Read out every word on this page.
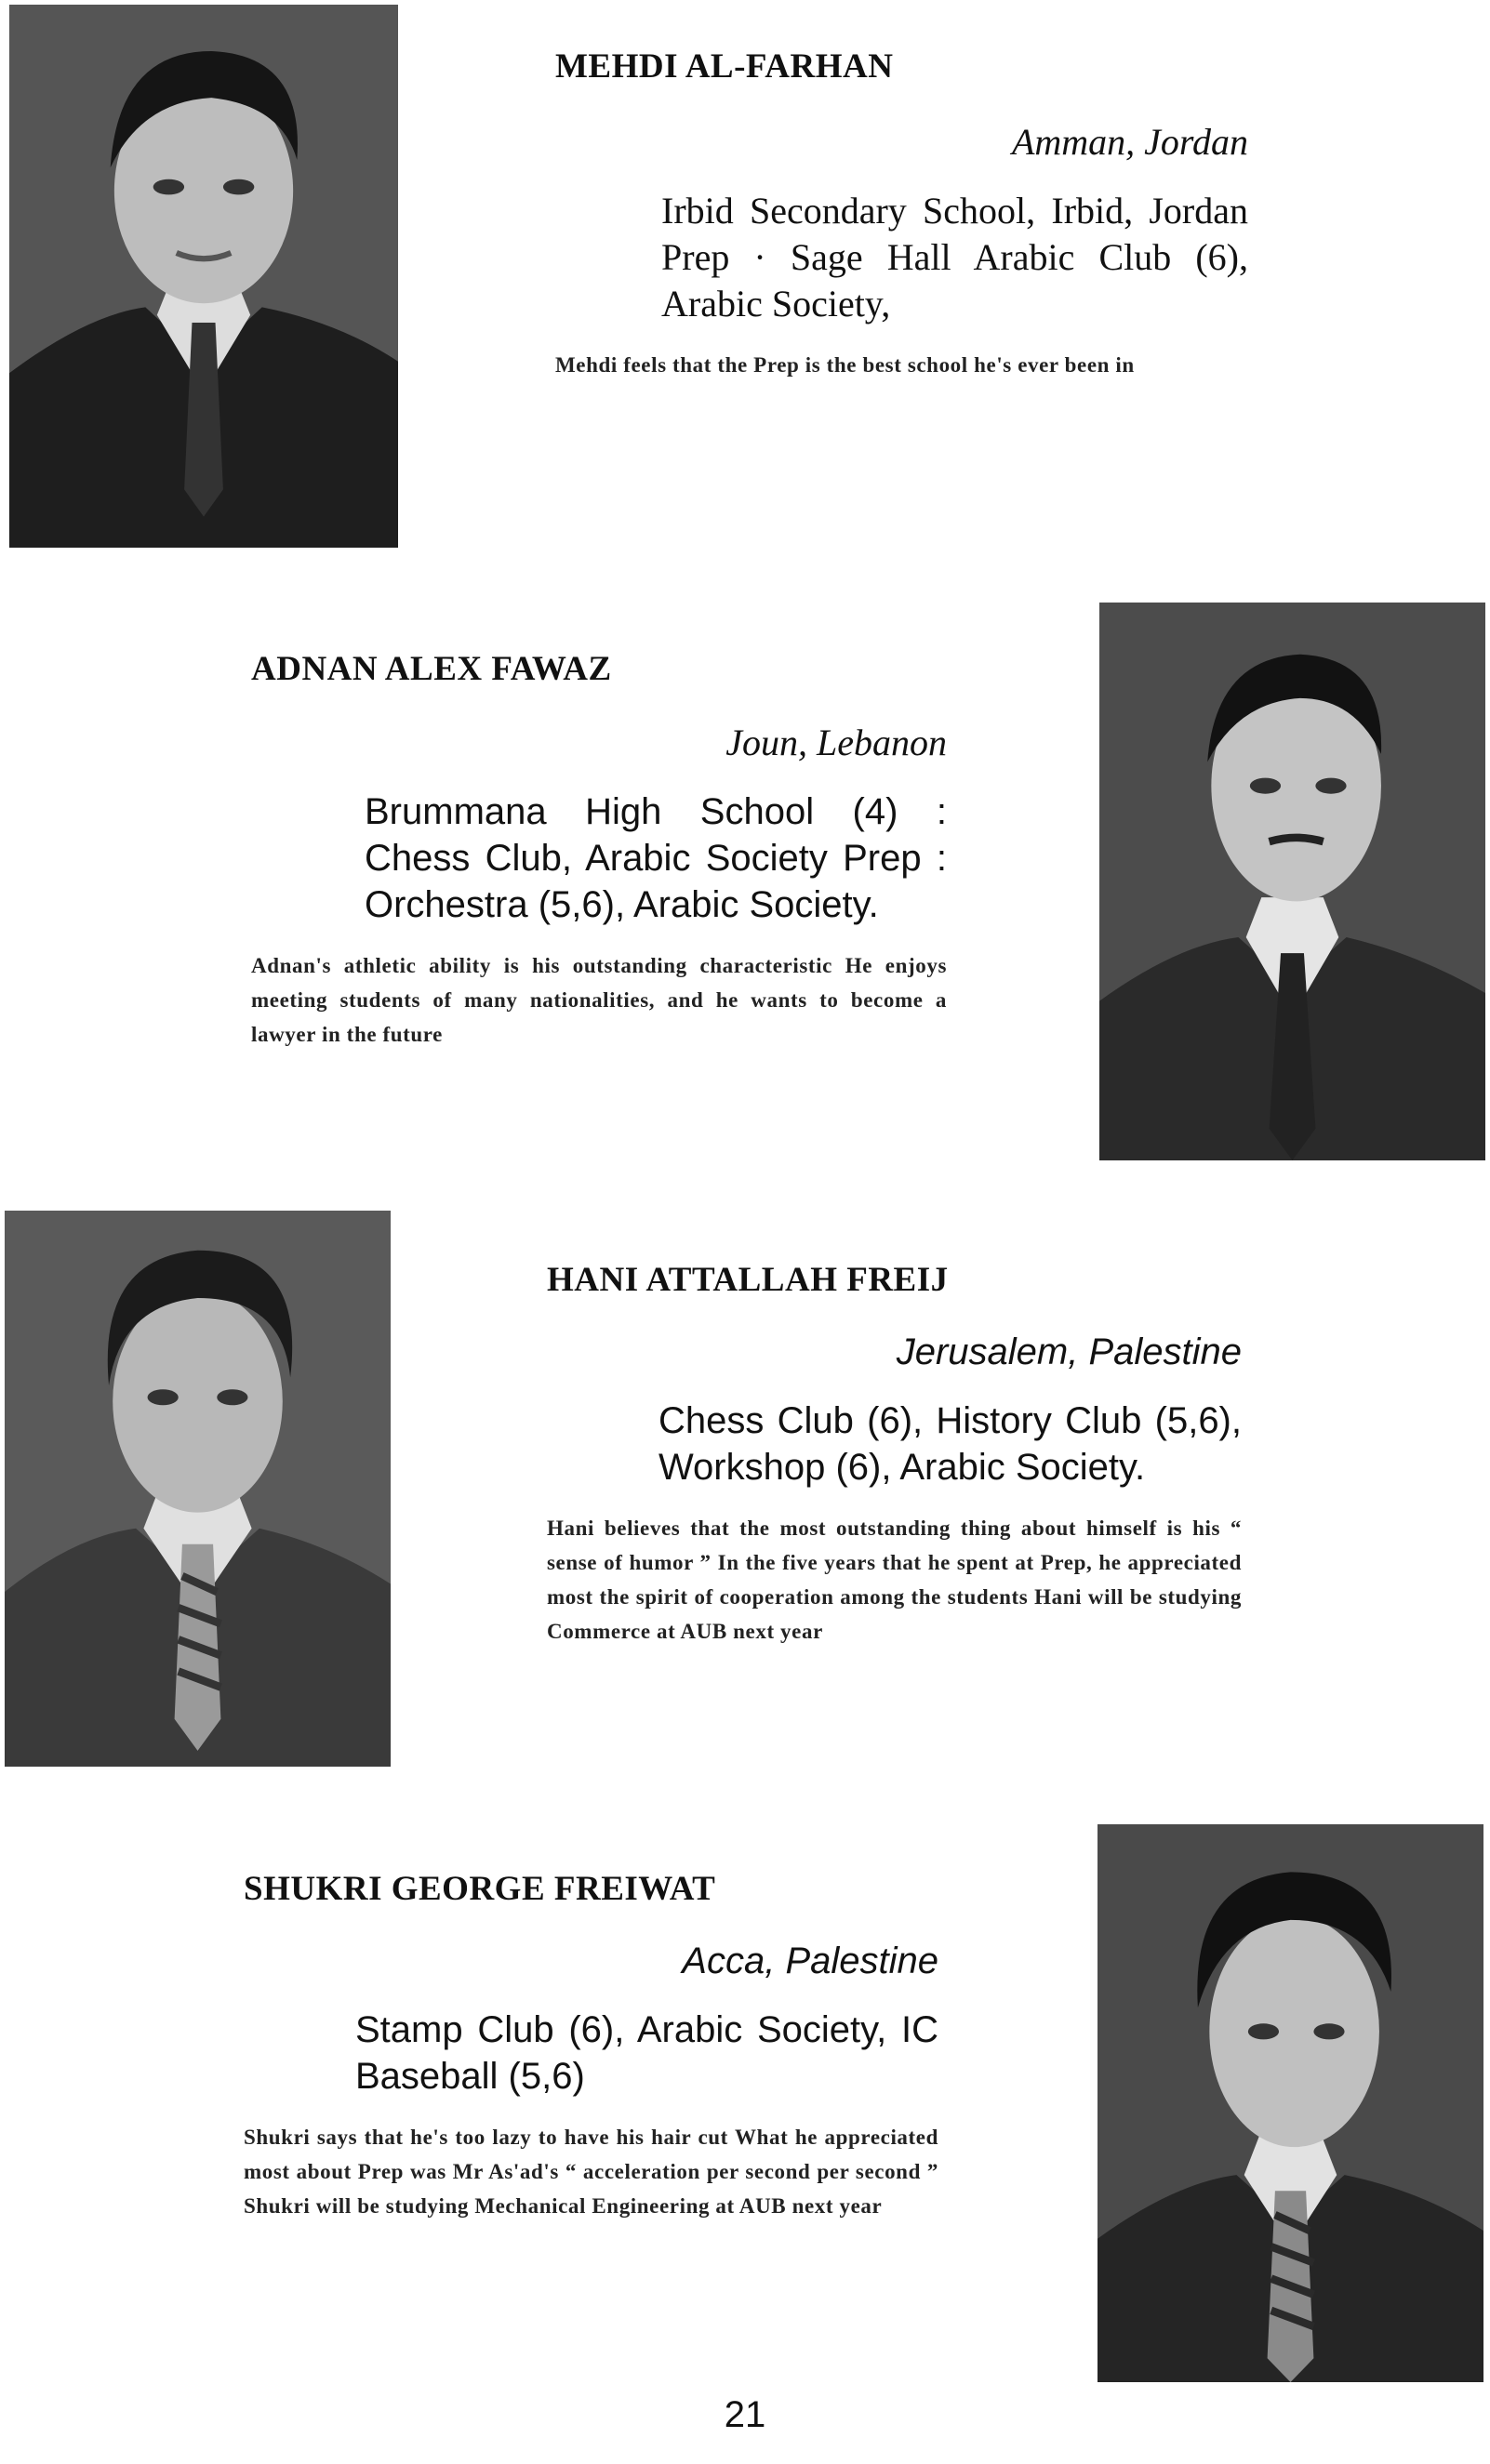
MEHDI AL-FARHAN
Amman, Jordan
Irbid Secondary School, Irbid, Jordan Prep · Sage Hall Arabic Club (6), Arabic Society,
Mehdi feels that the Prep is the best school he's ever been in
ADNAN ALEX FAWAZ
Joun, Lebanon
Brummana High School (4) : Chess Club, Arabic Society Prep : Orchestra (5,6), Arabic Society.
Adnan's athletic ability is his outstanding characteristic He enjoys meeting students of many nationalities, and he wants to become a lawyer in the future
HANI ATTALLAH FREIJ
Jerusalem, Palestine
Chess Club (6), History Club (5,6), Workshop (6), Arabic Society.
Hani believes that the most outstanding thing about himself is his “ sense of humor ” In the five years that he spent at Prep, he appreciated most the spirit of cooperation among the students Hani will be studying Commerce at AUB next year
SHUKRI GEORGE FREIWAT
Acca, Palestine
Stamp Club (6), Arabic Society, IC Baseball (5,6)
Shukri says that he's too lazy to have his hair cut What he appreciated most about Prep was Mr As'ad's “ acceleration per second per second ” Shukri will be studying Mechanical Engineering at AUB next year
21
